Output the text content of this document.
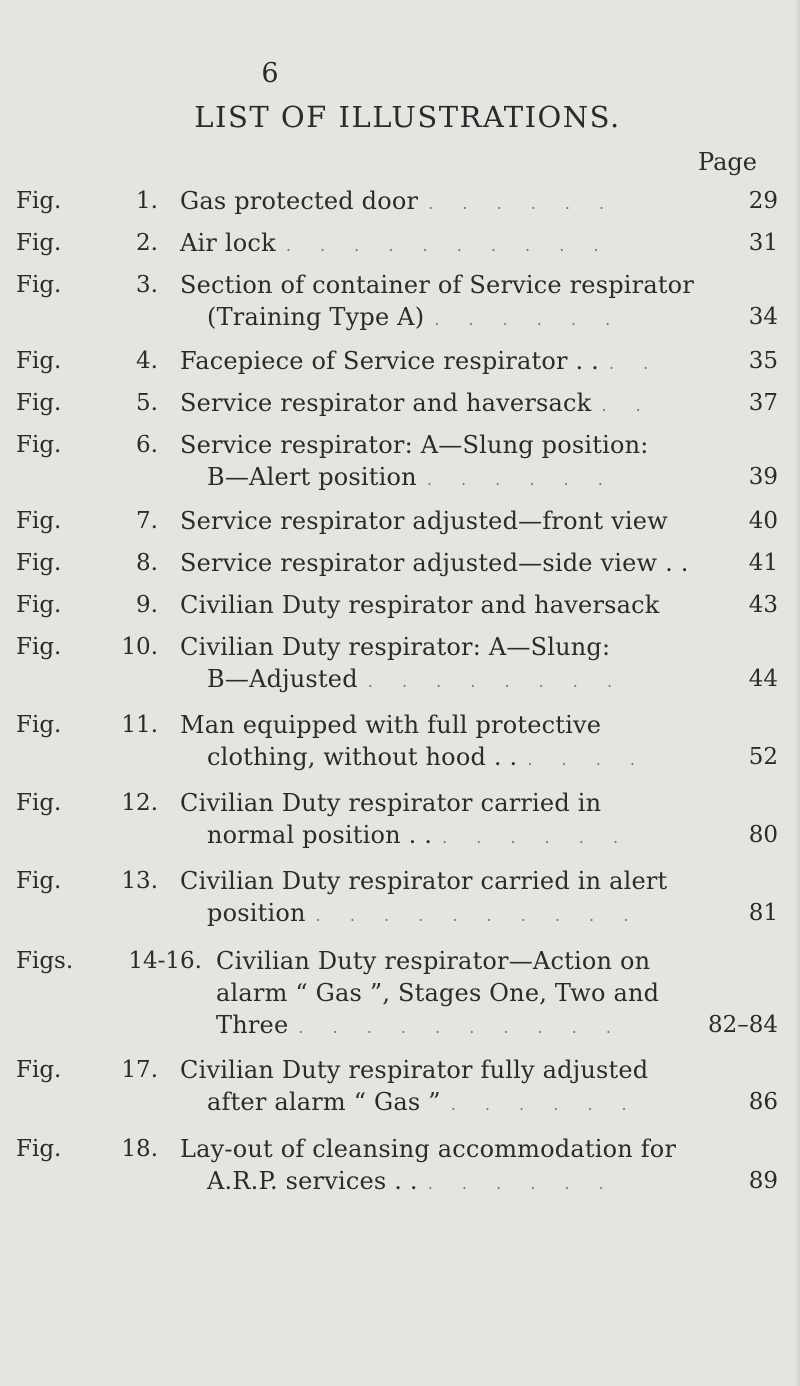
6
LIST OF ILLUSTRATIONS.
Page
Fig.	1. Gas protected door . . . . . .	29
Fig.	2. Air lock . . . . . . . . . .	31
Fig.	3. Section of container of Service respirator
(Training Type A) . . . . . .	34
Fig.	4. Facepiece of Service respirator . . . .	35
Fig.	5. Service respirator and haversack . .	37
Fig.	6. Service respirator: A—Slung position:
B—Alert position . . . . . .	39
Fig.	7. Service respirator adjusted—front view	40
Fig.	8. Service respirator adjusted—side view . .	41
Fig.	9. Civilian Duty respirator and haversack	43
Fig.	10. Civilian Duty respirator: A—Slung:
B—Adjusted . . . . . . . .	44
Fig.	11. Man equipped with full protective
clothing, without hood . . . . . .	52
Fig.	12. Civilian Duty respirator carried in
normal position . . . . . . . .	80
Fig.	13. Civilian Duty respirator carried in alert
position . . . . . . . . . .	81
Figs.	14-16. Civilian Duty respirator—Action on
alarm “ Gas ”, Stages One, Two and
Three . . . . . . . . . .	82–84
Fig.	17. Civilian Duty respirator fully adjusted
after alarm “ Gas ” . . . . . .	86
Fig.	18. Lay-out of cleansing accommodation for
A.R.P. services . . . . . . . .	89
